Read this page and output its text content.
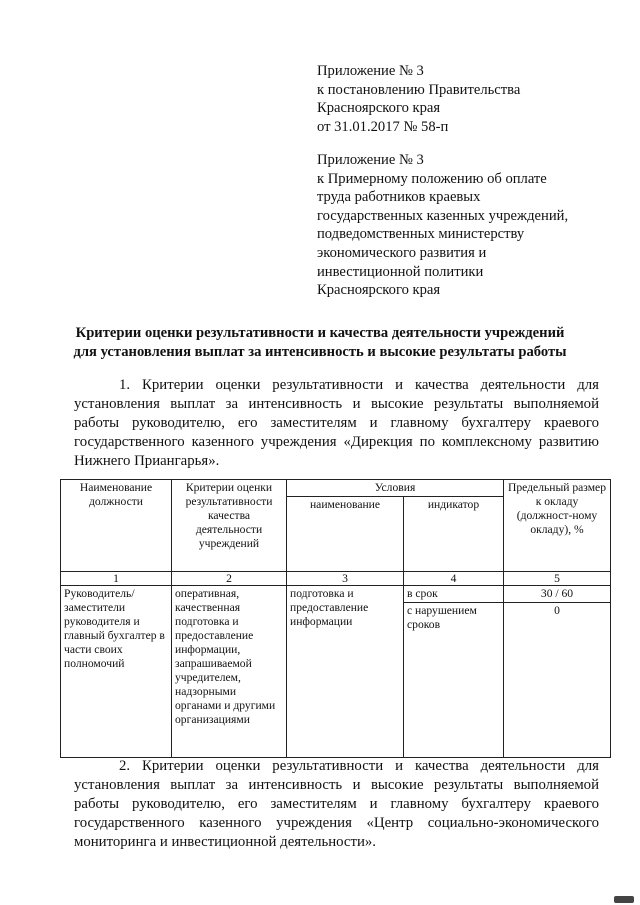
Приложение № 3
к постановлению Правительства
Красноярского края
от 31.01.2017 № 58-п
Приложение № 3
к Примерному положению об оплате
труда работников краевых
государственных казенных учреждений,
подведомственных министерству
экономического развития и
инвестиционной политики
Красноярского края
Критерии оценки результативности и качества деятельности учреждений
для установления выплат за интенсивность и высокие результаты работы
1. Критерии оценки результативности и качества деятельности для установления выплат за интенсивность и высокие результаты выполняемой работы руководителю, его заместителям и главному бухгалтеру краевого государственного казенного учреждения «Дирекция по комплексному развитию Нижнего Приангарья».
Наименование должности	Критерии оценки результативности качества деятельности учреждений	Условия		Предельный размер к окладу (должност-ному окладу), %
		наименование	индикатор	
1	2	3	4	5
Руководитель/ заместители руководителя и главный бухгалтер в части своих полномочий	оперативная, качественная подготовка и предоставление информации, запрашиваемой учредителем, надзорными органами и другими организациями	подготовка и предоставление информации	в срок	30 / 60
			с нарушением сроков	0
2. Критерии оценки результативности и качества деятельности для установления выплат за интенсивность и высокие результаты выполняемой работы руководителю, его заместителям и главному бухгалтеру краевого государственного казенного учреждения «Центр социально-экономического мониторинга и инвестиционной деятельности».
